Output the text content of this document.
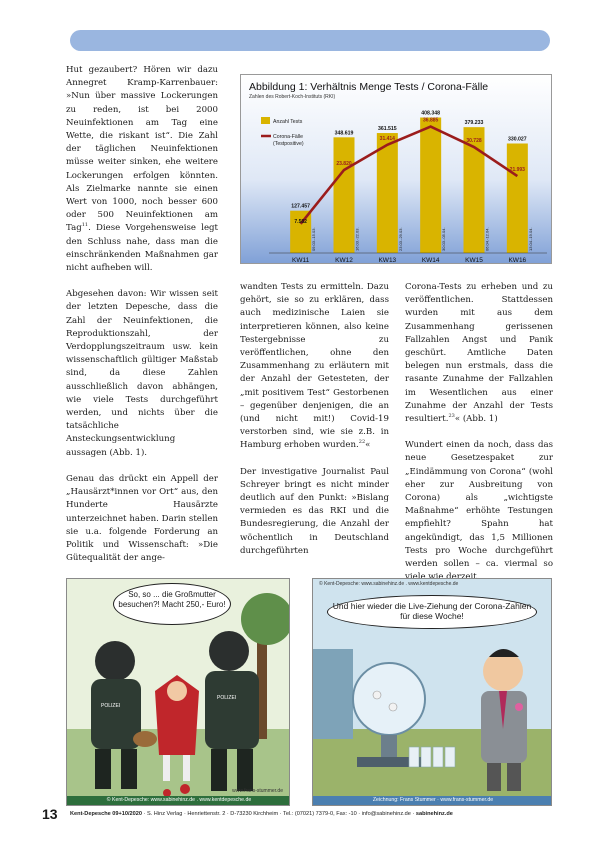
Hut gezaubert? Hören wir dazu Annegret Kramp-Karrenbauer: »Nun über massive Lockerungen zu reden, ist bei 2000 Neuinfektionen am Tag eine Wette, die riskant ist“. Die Zahl der täglichen Neuinfektionen müsse weiter sinken, ehe weitere Lockerungen erfolgen könnten. Als Zielmarke nannte sie einen Wert von 1000, noch besser 600 oder 500 Neuinfektionen am Tag$^{11}$. Diese Vorgehensweise legt den Schluss nahe, dass man die einschränkenden Maßnahmen gar nicht aufheben will.

Abgesehen davon: Wir wissen seit der letzten Depesche, dass die Zahl der Neuinfektionen, die Reproduktionszahl, der Verdopplungszeitraum usw. kein wissenschaftlich gültiger Maßstab sind, da diese Zahlen ausschließlich davon abhängen, wie viele Tests durchgeführt werden, und nichts über die tatsächliche Ansteckungsentwicklung aussagen (Abb. 1).

Genau das drückt ein Appell der „Hausärzt*innen vor Ort“ aus, den Hunderte Hausärzte unterzeichnet haben. Darin stellen sie u.a. folgende Forderung an Politik und Wissenschaft: »Die Gütequalität der ange-

Abbildung 1: Verhältnis Menge Tests / Corona-Fälle
Zahlen des Robert-Koch-Instituts (RKI)
Anzahl Tests
Corona-Fälle
(Testpositive)
127.457
KW11
09.03.-15.03.
348.619
KW12
16.03.-22.03.
361.515
KW13
23.03.-29.03.
408.348
KW14
30.03.-05.04.
379.233
KW15
06.04.-12.04.
330.027
KW16
13.04.-19.04.
7.582
23.820
31.414
36.885
30.728
21.993

wandten Tests zu ermitteln. Dazu gehört, sie so zu erklären, dass auch medizinische Laien sie interpretieren können, also keine Testergebnisse zu veröffentlichen, ohne den Zusammenhang zu erläutern mit der Anzahl der Getesteten, der „mit positivem Test“ Gestorbenen – gegenüber denjenigen, die an (und nicht mit!) Covid-19 verstorben sind, wie sie z.B. in Hamburg erhoben wurden.$^{22}$«

Der investigative Journalist Paul Schreyer bringt es nicht minder deutlich auf den Punkt: »Bislang vermieden es das RKI und die Bundesregierung, die Anzahl der wöchentlich in Deutschland durchgeführten

Corona-Tests zu erheben und zu veröffentlichen. Stattdessen wurden mit aus dem Zusammenhang gerissenen Fallzahlen Angst und Panik geschürt. Amtliche Daten belegen nun erstmals, dass die rasante Zunahme der Fallzahlen im Wesentlichen aus einer Zunahme der Anzahl der Tests resultiert.$^{23}$« (Abb. 1)

Wundert einen da noch, dass das neue Gesetzespaket zur „Eindämmung von Corona“ (wohl eher zur Ausbreitung von Corona) als „wichtigste Maßnahme“ erhöhte Testungen empfiehlt? Spahn hat angekündigt, das 1,5 Millionen Tests pro Woche durchgeführt werden sollen – ca. viermal so

POLIZEI
POLIZEI
So, so ... die Großmutter besuchen?! Macht 250,- Euro!
www.frans-stummer.de
© Kent-Depesche: www.sabinehinz.de . www.kentdepesche.de
© Kent-Depesche: www.sabinehinz.de . www.kentdepesche.de
Und hier wieder die Live-Ziehung der Corona-Zahlen für diese Woche!
Zeichnung: Frans Stummer · www.frans-stummer.de
13 Kent-Depesche 09+10/2020 · S. Hinz Verlag · Henriettenstr. 2 · D-73230 Kirchheim · Tel.: (07021) 7379-0, Fax: -10 · info@sabinehinz.de · sabinehinz.de
